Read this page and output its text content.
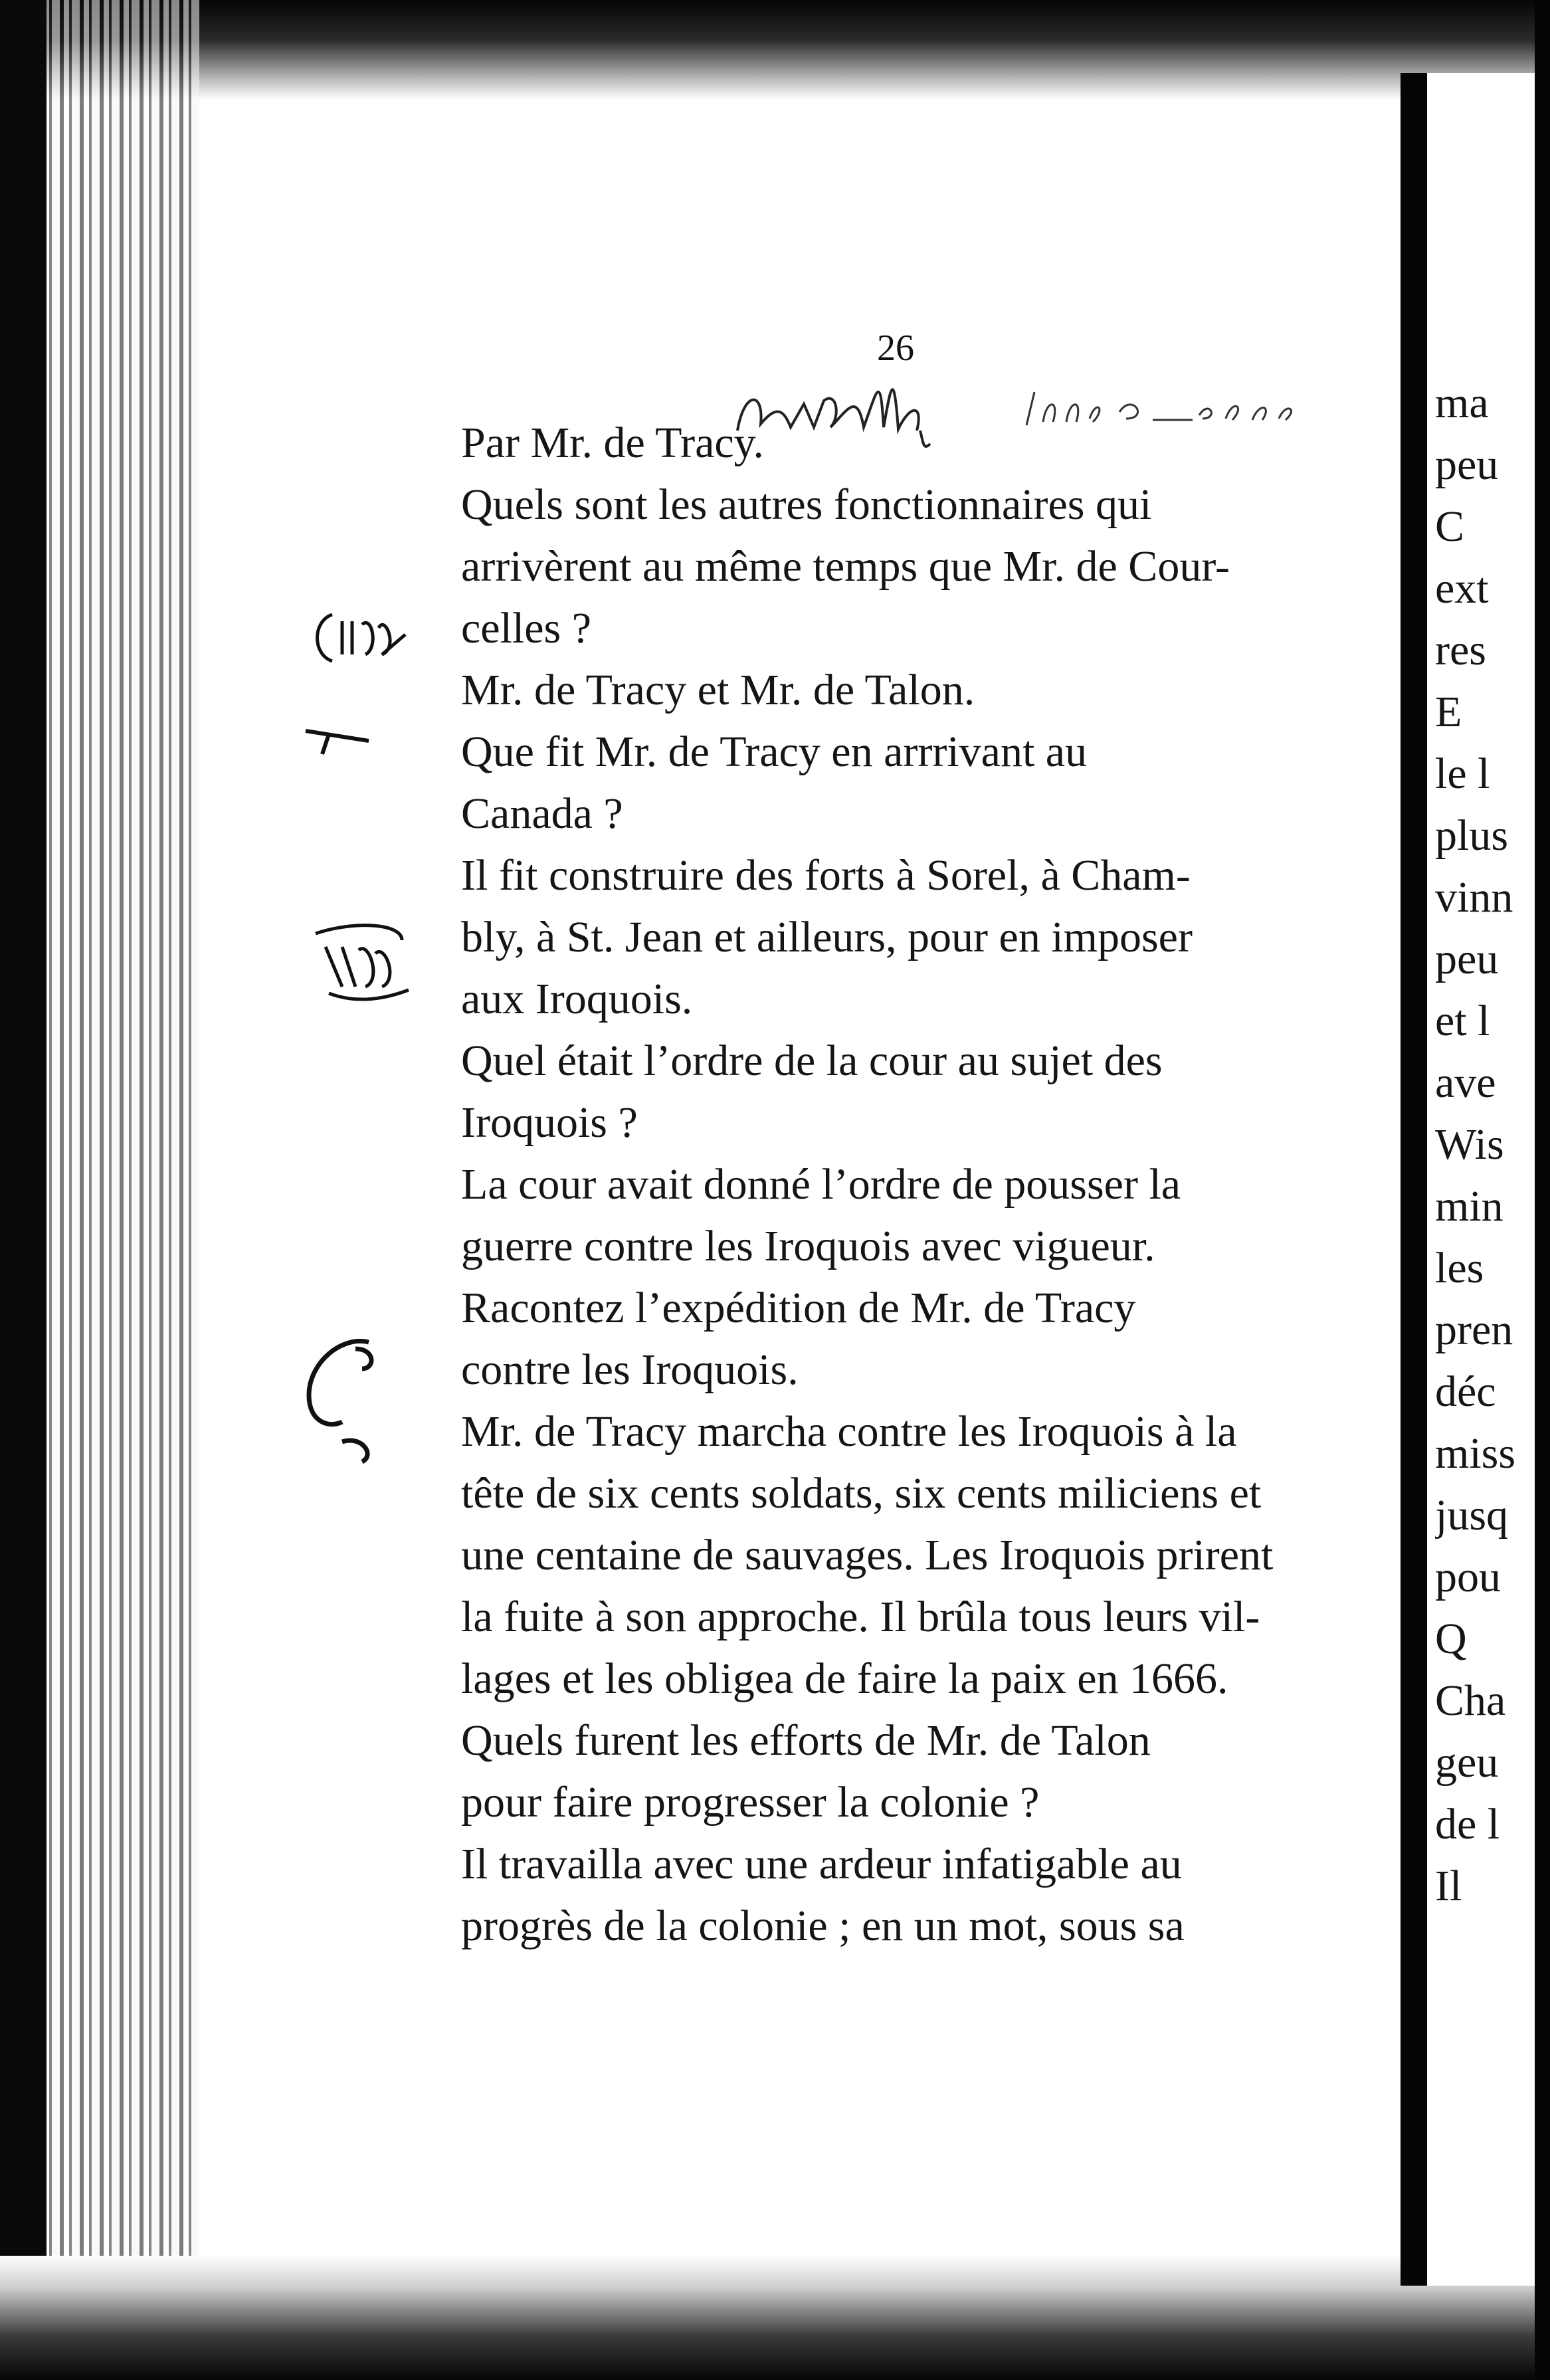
26

Par Mr. de Tracy.

Quels sont les autres fonctionnaires qui
arrivèrent au même temps que Mr. de Cour-
celles ?

Mr. de Tracy et Mr. de Talon.

Que fit Mr. de Tracy en arrrivant au
Canada ?

Il fit construire des forts à Sorel, à Cham-
bly, à St. Jean et ailleurs, pour en imposer
aux Iroquois.

Quel était l’ordre de la cour au sujet des
Iroquois ?

La cour avait donné l’ordre de pousser la
guerre contre les Iroquois avec vigueur.

Racontez l’expédition de Mr. de Tracy
contre les Iroquois.

Mr. de Tracy marcha contre les Iroquois à la
tête de six cents soldats, six cents miliciens et
une centaine de sauvages. Les Iroquois prirent
la fuite à son approche. Il brûla tous leurs vil-
lages et les obligea de faire la paix en 1666.

Quels furent les efforts de Mr. de Talon
pour faire progresser la colonie ?

Il travailla avec une ardeur infatigable au
progrès de la colonie ; en un mot, sous sa

ma
peu
C
ext
res
E
le l
plus
vinn
peu
et l
ave
Wis
min
les
pren
déc
miss
jusq
pou
Q
Cha
geu
de l
Il
